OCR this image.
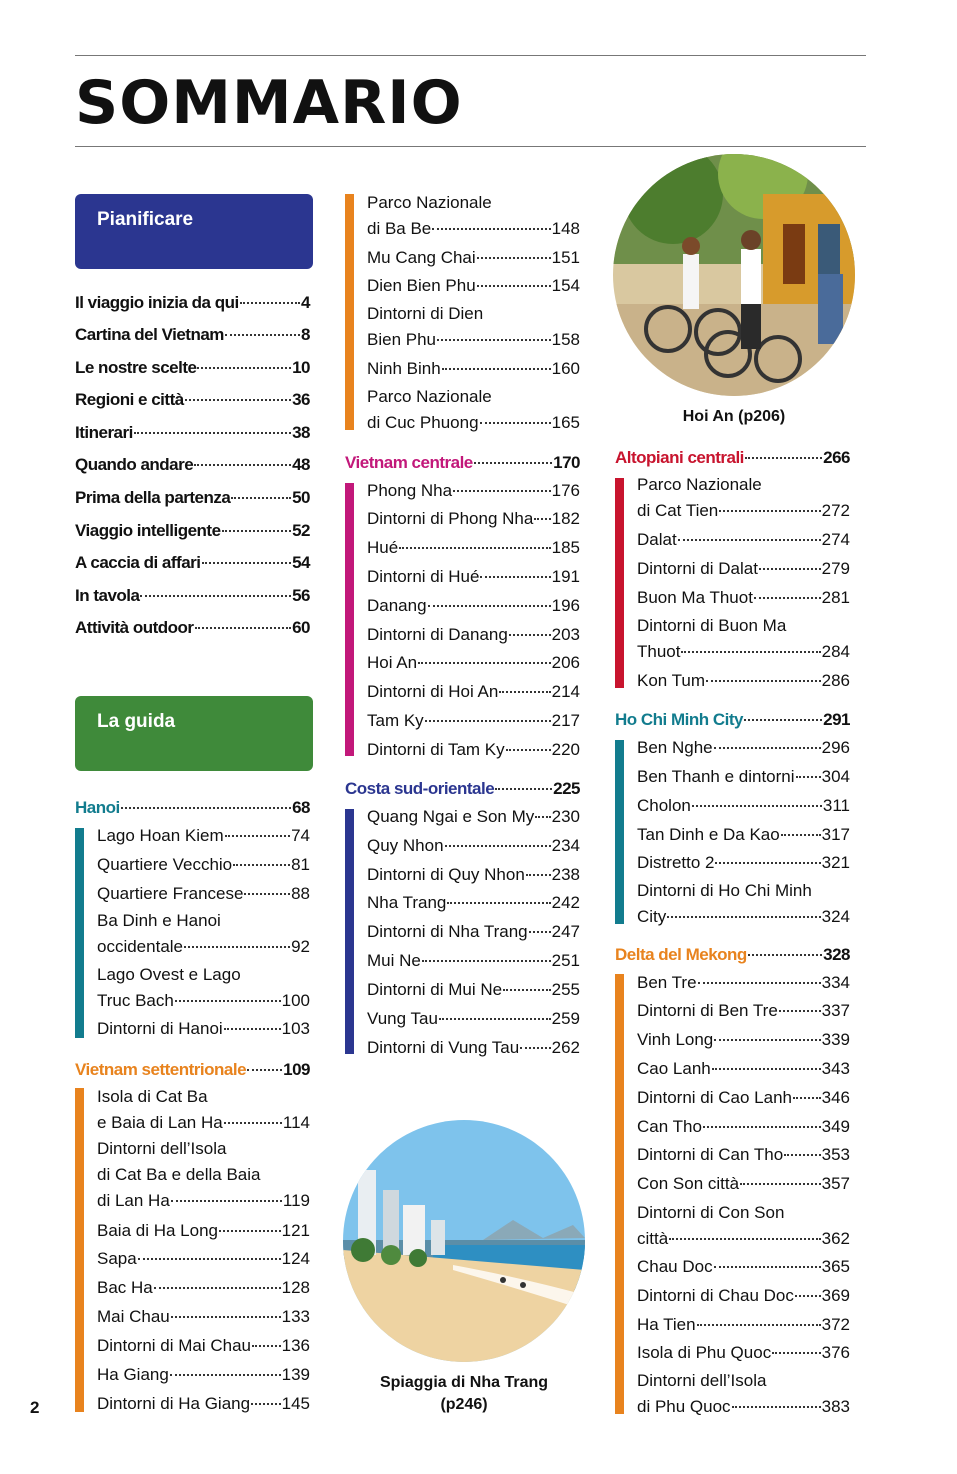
SOMMARIO
Pianificare
La guida
Il viaggio inizia da qui	4
Cartina del Vietnam	8
Le nostre scelte	10
Regioni e città	36
Itinerari	38
Quando andare	48
Prima della partenza	50
Viaggio intelligente	52
A caccia di affari	54
In tavola	56
Attività outdoor	60
Hanoi	68
Lago Hoan Kiem	74
Quartiere Vecchio	81
Quartiere Francese	88
Ba Dinh e Hanoi
occidentale	92
Lago Ovest e Lago
Truc Bach	100
Dintorni di Hanoi	103
Vietnam settentrionale 109
Isola di Cat Ba
e Baia di Lan Ha	114
Dintorni dell’Isola
di Cat Ba e della Baia
di Lan Ha	119
Baia di Ha Long	121
Sapa	124
Bac Ha	128
Mai Chau	133
Dintorni di Mai Chau 136
Ha Giang	139
Dintorni di Ha Giang 145
Parco Nazionale
di Ba Be	148
Mu Cang Chai	151
Dien Bien Phu	154
Dintorni di Dien
Bien Phu	158
Ninh Binh	160
Parco Nazionale
di Cuc Phuong	165
Vietnam centrale	170
Phong Nha	176
Dintorni di Phong Nha 182
Hué	185
Dintorni di Hué	191
Danang	196
Dintorni di Danang	203
Hoi An	206
Dintorni di Hoi An	214
Tam Ky	217
Dintorni di Tam Ky	220
Costa sud-orientale	225
Quang Ngai e Son My 230
Quy Nhon	234
Dintorni di Quy Nhon 238
Nha Trang	242
Dintorni di Nha Trang 247
Mui Ne	251
Dintorni di Mui Ne	255
Vung Tau	259
Dintorni di Vung Tau 262
Altopiani centrali	266
Parco Nazionale
di Cat Tien	272
Dalat	274
Dintorni di Dalat	279
Buon Ma Thuot	281
Dintorni di Buon Ma
Thuot	284
Kon Tum	286
Ho Chi Minh City	291
Ben Nghe	296
Ben Thanh e dintorni 304
Cholon	311
Tan Dinh e Da Kao 317
Distretto 2	321
Dintorni di Ho Chi Minh
City	324
Delta del Mekong	328
Ben Tre	334
Dintorni di Ben Tre	337
Vinh Long	339
Cao Lanh	343
Dintorni di Cao Lanh 346
Can Tho	349
Dintorni di Can Tho 353
Con Son città	357
Dintorni di Con Son
città	362
Chau Doc	365
Dintorni di Chau Doc 369
Ha Tien	372
Isola di Phu Quoc	376
Dintorni dell’Isola
di Phu Quoc	383
Hoi An (p206)
Spiaggia di Nha Trang
(p246)
2
